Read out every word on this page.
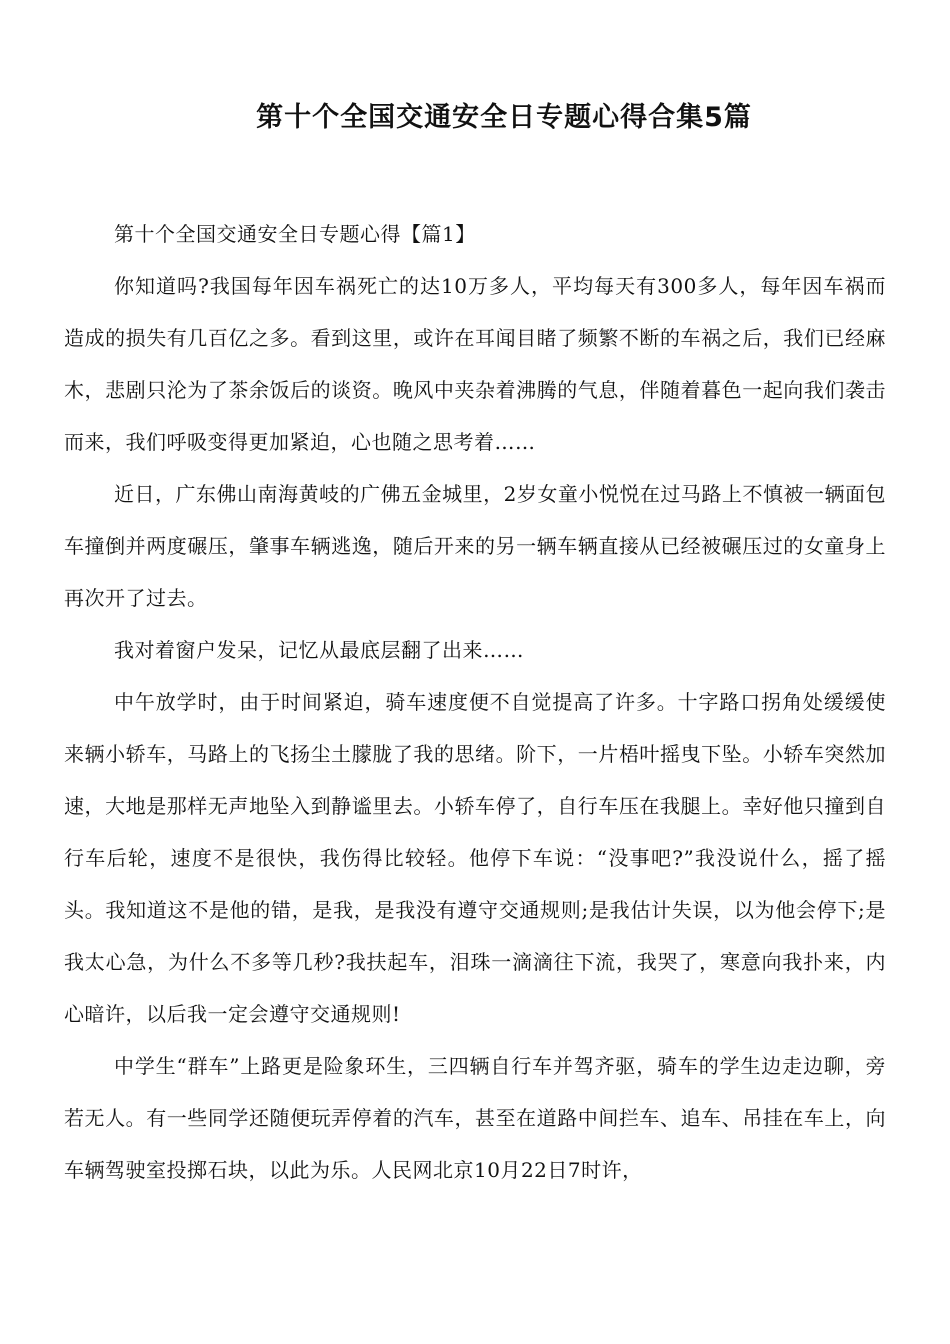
第十个全国交通安全日专题心得合集5篇

第十个全国交通安全日专题心得【篇1】

你知道吗?我国每年因车祸死亡的达10万多人，平均每天有300多人，每年因车祸而造成的损失有几百亿之多。看到这里，或许在耳闻目睹了频繁不断的车祸之后，我们已经麻木，悲剧只沦为了茶余饭后的谈资。晚风中夹杂着沸腾的气息，伴随着暮色一起向我们袭击而来，我们呼吸变得更加紧迫，心也随之思考着……

近日，广东佛山南海黄岐的广佛五金城里，2岁女童小悦悦在过马路上不慎被一辆面包车撞倒并两度碾压，肇事车辆逃逸，随后开来的另一辆车辆直接从已经被碾压过的女童身上再次开了过去。

我对着窗户发呆，记忆从最底层翻了出来……

中午放学时，由于时间紧迫，骑车速度便不自觉提高了许多。十字路口拐角处缓缓使来辆小轿车，马路上的飞扬尘土朦胧了我的思绪。阶下，一片梧叶摇曳下坠。小轿车突然加速，大地是那样无声地坠入到静谧里去。小轿车停了，自行车压在我腿上。幸好他只撞到自行车后轮，速度不是很快，我伤得比较轻。他停下车说：“没事吧?”我没说什么，摇了摇头。我知道这不是他的错，是我，是我没有遵守交通规则;是我估计失误，以为他会停下;是我太心急，为什么不多等几秒?我扶起车，泪珠一滴滴往下流，我哭了，寒意向我扑来，内心暗许，以后我一定会遵守交通规则!

中学生“群车”上路更是险象环生，三四辆自行车并驾齐驱，骑车的学生边走边聊，旁若无人。有一些同学还随便玩弄停着的汽车，甚至在道路中间拦车、追车、吊挂在车上，向车辆驾驶室投掷石块，以此为乐。人民网北京10月22日7时许，
